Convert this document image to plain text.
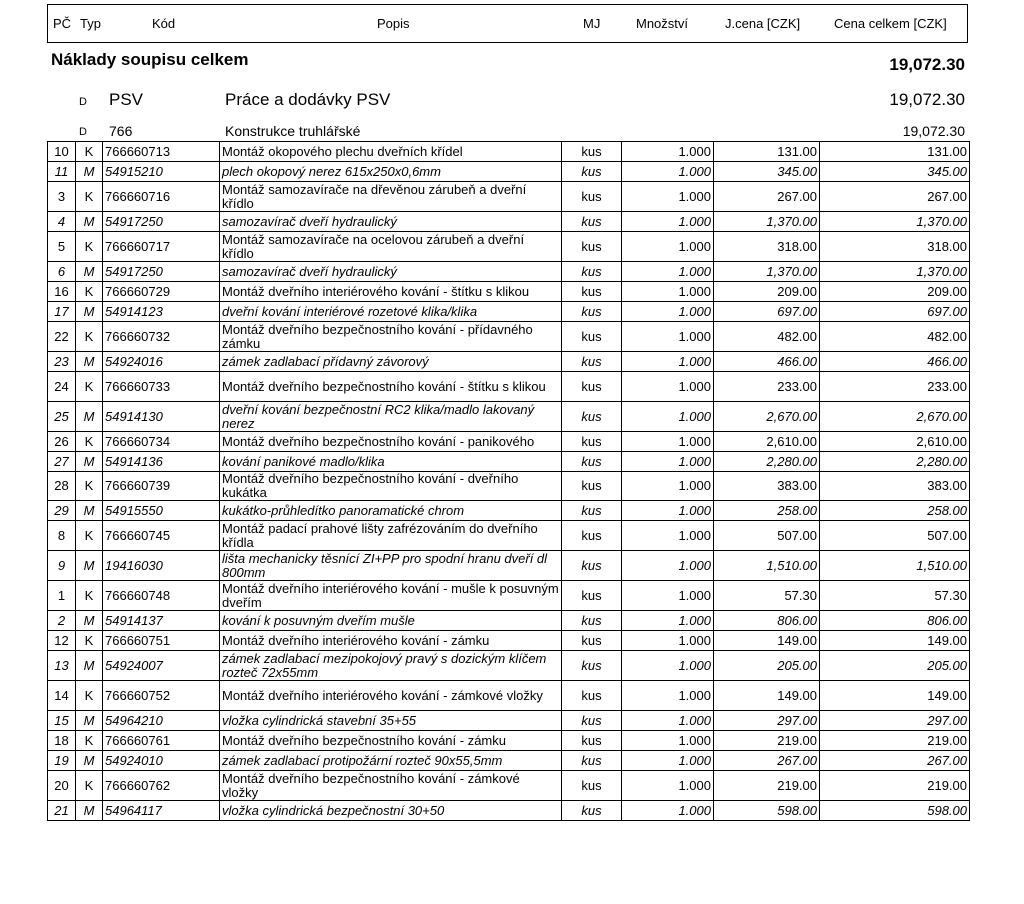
PČ Typ	Kód	Popis	MJ	Množství	J.cena [CZK]	Cena celkem [CZK]
Náklady soupisu celkem	19,072.30
D PSV	Práce a dodávky PSV	19,072.30
D 766	Konstrukce truhlářské	19,072.30
10	K	766660713	Montáž okopového plechu dveřních křídel	kus	1.000	131.00	131.00
11	M	54915210	plech okopový nerez 615x250x0,6mm	kus	1.000	345.00	345.00
3	K	766660716	Montáž samozavírače na dřevěnou zárubeň a dveřní křídlo	kus	1.000	267.00	267.00
4	M	54917250	samozavírač dveří hydraulický	kus	1.000	1,370.00	1,370.00
5	K	766660717	Montáž samozavírače na ocelovou zárubeň a dveřní křídlo	kus	1.000	318.00	318.00
6	M	54917250	samozavírač dveří hydraulický	kus	1.000	1,370.00	1,370.00
16	K	766660729	Montáž dveřního interiérového kování - štítku s klikou	kus	1.000	209.00	209.00
17	M	54914123	dveřní kování interiérové rozetové klika/klika	kus	1.000	697.00	697.00
22	K	766660732	Montáž dveřního bezpečnostního kování - přídavného zámku	kus	1.000	482.00	482.00
23	M	54924016	zámek zadlabací přídavný závorový	kus	1.000	466.00	466.00
24	K	766660733	Montáž dveřního bezpečnostního kování - štítku s klikou	kus	1.000	233.00	233.00
25	M	54914130	dveřní kování bezpečnostní RC2 klika/madlo lakovaný nerez	kus	1.000	2,670.00	2,670.00
26	K	766660734	Montáž dveřního bezpečnostního kování - panikového	kus	1.000	2,610.00	2,610.00
27	M	54914136	kování panikové madlo/klika	kus	1.000	2,280.00	2,280.00
28	K	766660739	Montáž dveřního bezpečnostního kování - dveřního kukátka	kus	1.000	383.00	383.00
29	M	54915550	kukátko-průhledítko panoramatické chrom	kus	1.000	258.00	258.00
8	K	766660745	Montáž padací prahové lišty zafrézováním do dveřního křídla	kus	1.000	507.00	507.00
9	M	19416030	lišta mechanicky těsnící ZI+PP pro spodní hranu dveří dl 800mm	kus	1.000	1,510.00	1,510.00
1	K	766660748	Montáž dveřního interiérového kování - mušle k posuvným dveřím	kus	1.000	57.30	57.30
2	M	54914137	kování k posuvným dveřím mušle	kus	1.000	806.00	806.00
12	K	766660751	Montáž dveřního interiérového kování - zámku	kus	1.000	149.00	149.00
13	M	54924007	zámek zadlabací mezipokojový pravý s dozickým klíčem rozteč 72x55mm	kus	1.000	205.00	205.00
14	K	766660752	Montáž dveřního interiérového kování - zámkové vložky	kus	1.000	149.00	149.00
15	M	54964210	vložka cylindrická stavební 35+55	kus	1.000	297.00	297.00
18	K	766660761	Montáž dveřního bezpečnostního kování - zámku	kus	1.000	219.00	219.00
19	M	54924010	zámek zadlabací protipožární rozteč 90x55,5mm	kus	1.000	267.00	267.00
20	K	766660762	Montáž dveřního bezpečnostního kování - zámkové vložky	kus	1.000	219.00	219.00
21	M	54964117	vložka cylindrická bezpečnostní 30+50	kus	1.000	598.00	598.00
